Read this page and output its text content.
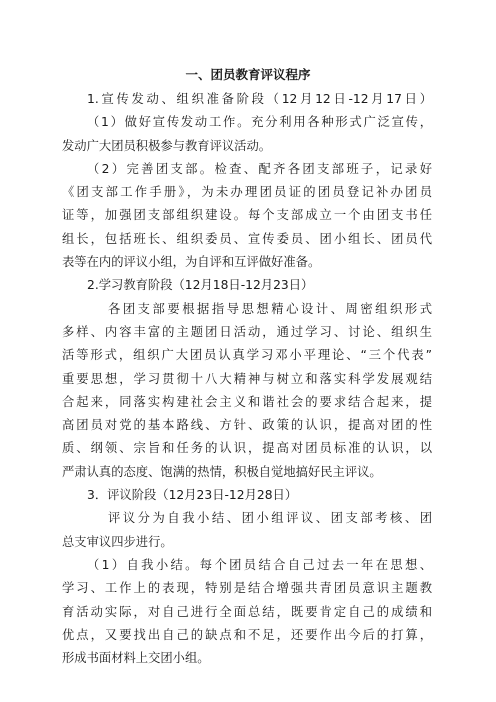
一、团员教育评议程序
1.宣传发动、组织准备阶段（12月12日-12月17日）
（1）做好宣传发动工作。充分利用各种形式广泛宣传，
发动广大团员积极参与教育评议活动。
（2）完善团支部。检查、配齐各团支部班子，记录好
《团支部工作手册》，为未办理团员证的团员登记补办团员
证等，加强团支部组织建设。每个支部成立一个由团支书任
组长，包括班长、组织委员、宣传委员、团小组长、团员代
表等在内的评议小组，为自评和互评做好准备。
2.学习教育阶段（12月18日-12月23日）
各团支部要根据指导思想精心设计、周密组织形式
多样、内容丰富的主题团日活动，通过学习、讨论、组织生
活等形式，组织广大团员认真学习邓小平理论、“三个代表”
重要思想，学习贯彻十八大精神与树立和落实科学发展观结
合起来，同落实构建社会主义和谐社会的要求结合起来，提
高团员对党的基本路线、方针、政策的认识，提高对团的性
质、纲领、宗旨和任务的认识，提高对团员标准的认识，以
严肃认真的态度、饱满的热情，积极自觉地搞好民主评议。
3．评议阶段（12月23日-12月28日）
评议分为自我小结、团小组评议、团支部考核、团
总支审议四步进行。
（1）自我小结。每个团员结合自己过去一年在思想、
学习、工作上的表现，特别是结合增强共青团员意识主题教
育活动实际，对自己进行全面总结，既要肯定自己的成绩和
优点，又要找出自己的缺点和不足，还要作出今后的打算，
形成书面材料上交团小组。
